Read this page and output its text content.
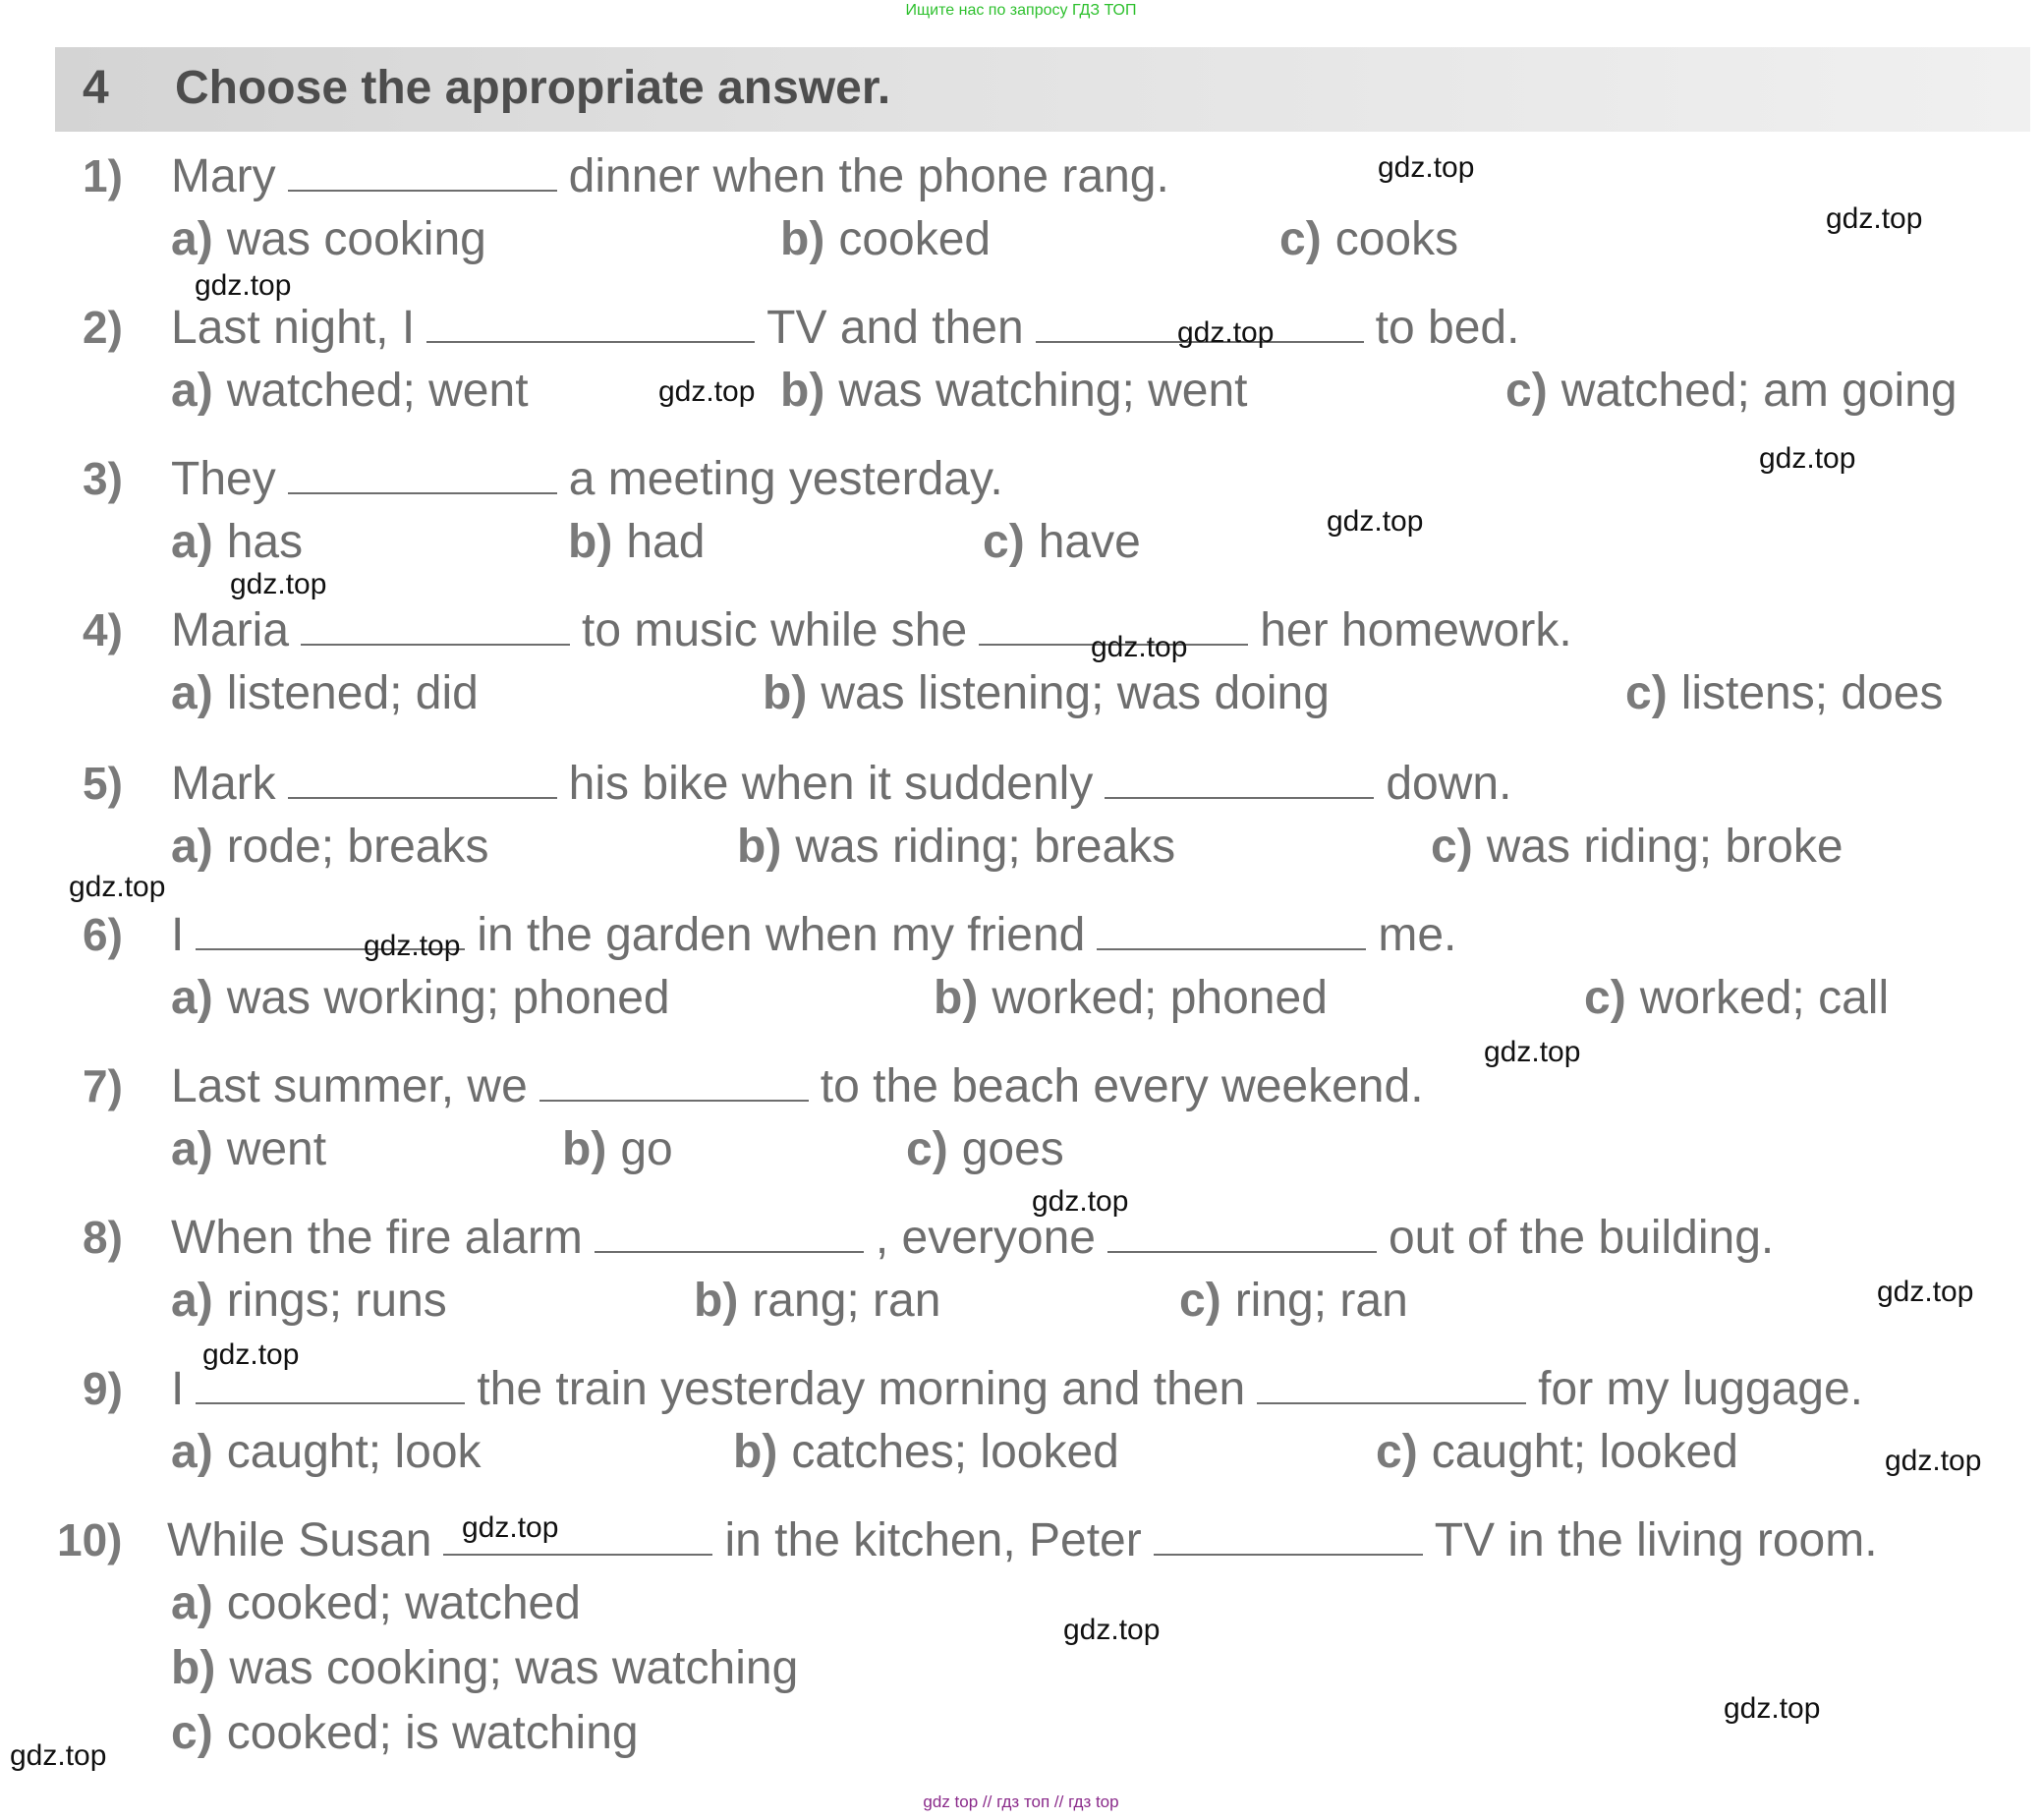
Ищите нас по запросу ГДЗ ТОП
4 Choose the appropriate answer.
1) Mary	dinner when the phone rang.
a) was cooking	b) cooked	c) cooks
2) Last night, I	TV and then	to bed.
a) watched; went	b) was watching; went	c) watched; am going
3) They	a meeting yesterday.
a) has	b) had	c) have
4) Maria	to music while she	her homework.
a) listened; did	b) was listening; was doing	c) listens; does
5) Mark	his bike when it suddenly	down.
a) rode; breaks	b) was riding; breaks	c) was riding; broke
6) I	in the garden when my friend	me.
a) was working; phoned	b) worked; phoned	c) worked; call
7) Last summer, we	to the beach every weekend.
a) went	b) go	c) goes
8) When the fire alarm	, everyone	out of the building.
a) rings; runs	b) rang; ran	c) ring; ran
9) I	the train yesterday morning and then	for my luggage.
a) caught; look	b) catches; looked	c) caught; looked
10) While Susan	in the kitchen, Peter	TV in the living room.
a) cooked; watched
b) was cooking; was watching
c) cooked; is watching
gdz.top
gdz.top
gdz.top
gdz.top
gdz.top
gdz.top
gdz.top
gdz.top
gdz.top
gdz.top
gdz.top
gdz.top
gdz.top
gdz.top
gdz.top
gdz.top
gdz.top
gdz.top
gdz.top
gdz.top
gdz top // гдз топ // гдз top
